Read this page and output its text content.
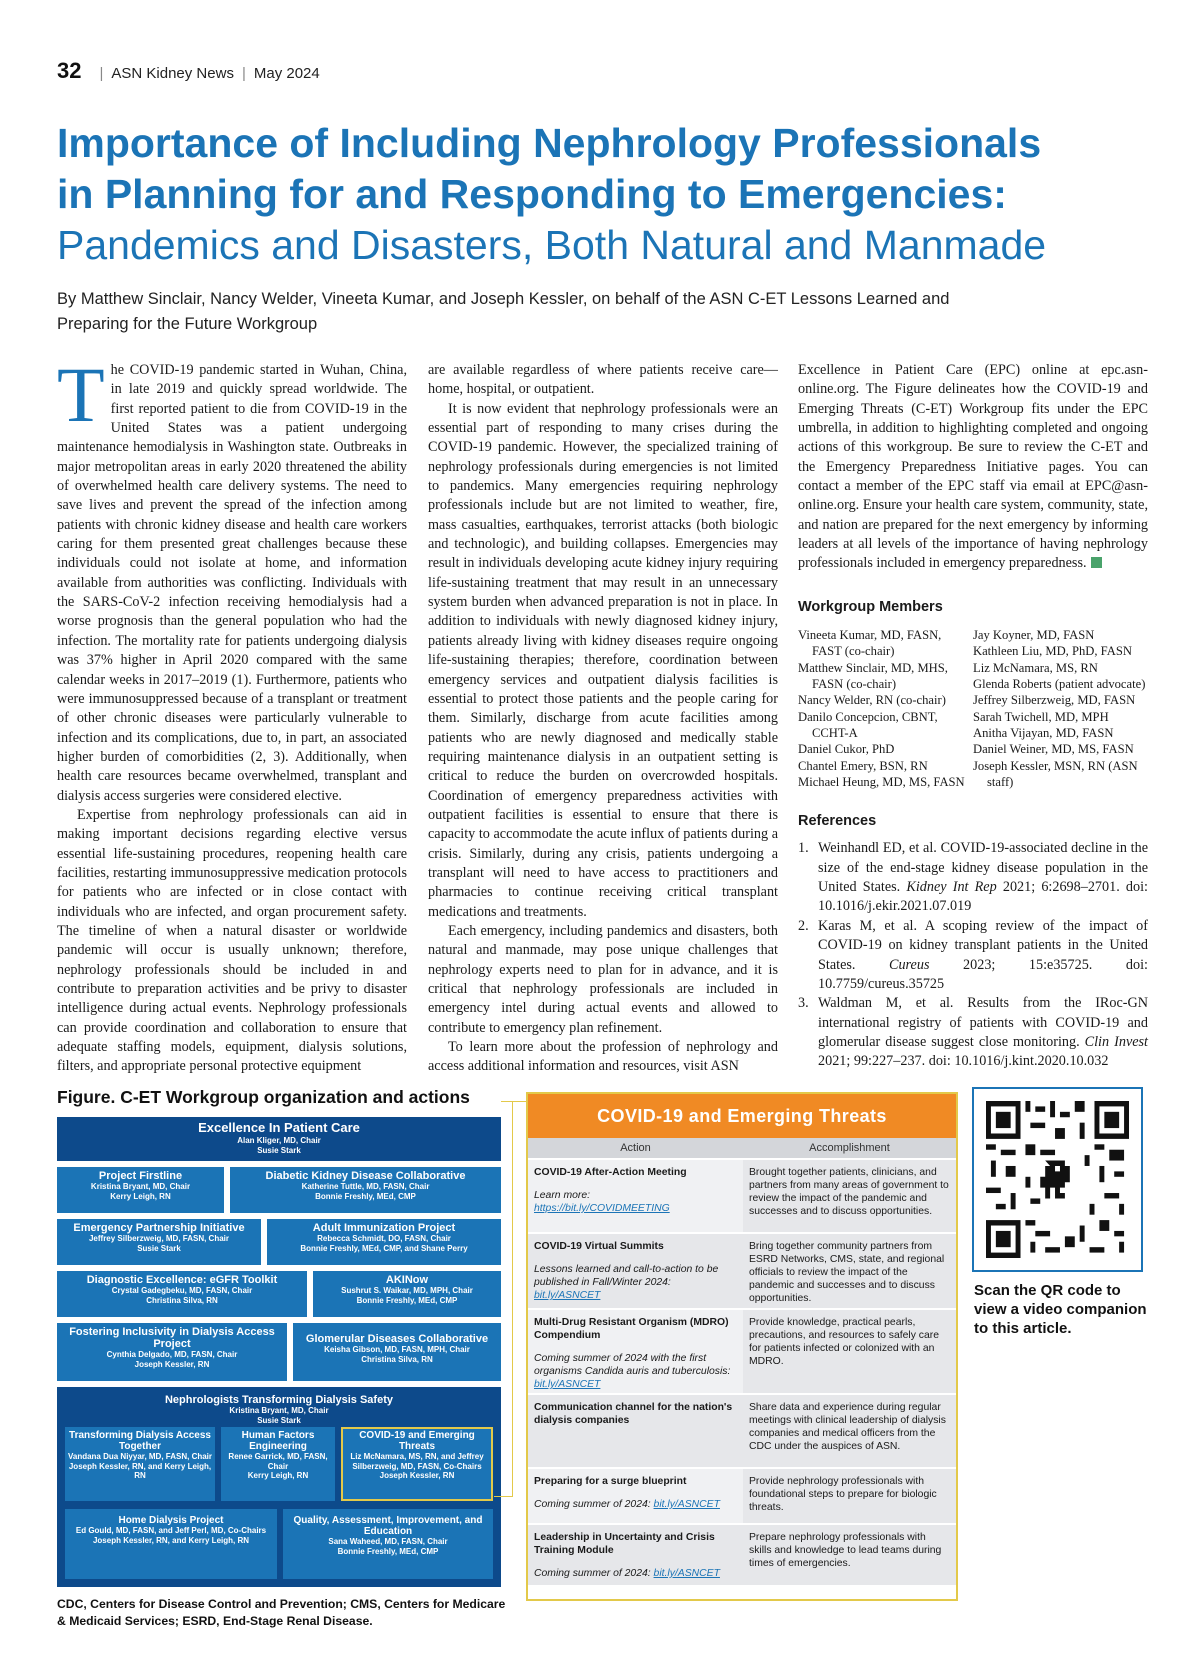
32 | ASN Kidney News | May 2024
Importance of Including Nephrology Professionals
in Planning for and Responding to Emergencies:
Pandemics and Disasters, Both Natural and Manmade
By Matthew Sinclair, Nancy Welder, Vineeta Kumar, and Joseph Kessler, on behalf of the ASN C-ET Lessons Learned and Preparing for the Future Workgroup

The COVID-19 pandemic started in Wuhan, China, in late 2019 and quickly spread worldwide. The first reported patient to die from COVID-19 in the United States was a patient undergoing maintenance hemodialysis in Washington state. Outbreaks in major metropolitan areas in early 2020 threatened the ability of overwhelmed health care delivery systems. The need to save lives and prevent the spread of the infection among patients with chronic kidney disease and health care workers caring for them presented great challenges because these individuals could not isolate at home, and information available from authorities was conflicting. Individuals with the SARS-CoV-2 infection receiving hemodialysis had a worse prognosis than the general population who had the infection. The mortality rate for patients undergoing dialysis was 37% higher in April 2020 compared with the same calendar weeks in 2017–2019 (1). Furthermore, patients who were immunosuppressed because of a transplant or treatment of other chronic diseases were particularly vulnerable to infection and its complications, due to, in part, an associated higher burden of comorbidities (2, 3). Additionally, when health care resources became overwhelmed, transplant and dialysis access surgeries were considered elective.

Expertise from nephrology professionals can aid in making important decisions regarding elective versus essential life-sustaining procedures, reopening health care facilities, restarting immunosuppressive medication protocols for patients who are infected or in close contact with individuals who are infected, and organ procurement safety. The timeline of when a natural disaster or worldwide pandemic will occur is usually unknown; therefore, nephrology professionals should be included in and contribute to preparation activities and be privy to disaster intelligence during actual events. Nephrology professionals can provide coordination and collaboration to ensure that adequate staffing models, equipment, dialysis solutions, filters, and appropriate personal protective equipment

are available regardless of where patients receive care—home, hospital, or outpatient.

It is now evident that nephrology professionals were an essential part of responding to many crises during the COVID-19 pandemic. However, the specialized training of nephrology professionals during emergencies is not limited to pandemics. Many emergencies requiring nephrology professionals include but are not limited to weather, fire, mass casualties, earthquakes, terrorist attacks (both biologic and technologic), and building collapses. Emergencies may result in individuals developing acute kidney injury requiring life-sustaining treatment that may result in an unnecessary system burden when advanced preparation is not in place. In addition to individuals with newly diagnosed kidney injury, patients already living with kidney diseases require ongoing life-sustaining therapies; therefore, coordination between emergency services and outpatient dialysis facilities is essential to protect those patients and the people caring for them. Similarly, discharge from acute facilities among patients who are newly diagnosed and medically stable requiring maintenance dialysis in an outpatient setting is critical to reduce the burden on overcrowded hospitals. Coordination of emergency preparedness activities with outpatient facilities is essential to ensure that there is capacity to accommodate the acute influx of patients during a crisis. Similarly, during any crisis, patients undergoing a transplant will need to have access to practitioners and pharmacies to continue receiving critical transplant medications and treatments.

Each emergency, including pandemics and disasters, both natural and manmade, may pose unique challenges that nephrology experts need to plan for in advance, and it is critical that nephrology professionals are included in emergency intel during actual events and allowed to contribute to emergency plan refinement.

To learn more about the profession of nephrology and access additional information and resources, visit ASN

Excellence in Patient Care (EPC) online at epc.asn-online.org. The Figure delineates how the COVID-19 and Emerging Threats (C-ET) Workgroup fits under the EPC umbrella, in addition to highlighting completed and ongoing actions of this workgroup. Be sure to review the C-ET and the Emergency Preparedness Initiative pages. You can contact a member of the EPC staff via email at EPC@asn-online.org. Ensure your health care system, community, state, and nation are prepared for the next emergency by informing leaders at all levels of the importance of having nephrology professionals included in emergency preparedness.

Workgroup Members
Vineeta Kumar, MD, FASN, FAST (co-chair)
Matthew Sinclair, MD, MHS, FASN (co-chair)
Nancy Welder, RN (co-chair)
Danilo Concepcion, CBNT, CCHT-A
Daniel Cukor, PhD
Chantel Emery, BSN, RN
Michael Heung, MD, MS, FASN
Jay Koyner, MD, FASN
Kathleen Liu, MD, PhD, FASN
Liz McNamara, MS, RN
Glenda Roberts (patient advocate)
Jeffrey Silberzweig, MD, FASN
Sarah Twichell, MD, MPH
Anitha Vijayan, MD, FASN
Daniel Weiner, MD, MS, FASN
Joseph Kessler, MSN, RN (ASN staff)
References
1. Weinhandl ED, et al. COVID-19-associated decline in the size of the end-stage kidney disease population in the United States. Kidney Int Rep 2021; 6:2698–2701. doi: 10.1016/j.ekir.2021.07.019
2. Karas M, et al. A scoping review of the impact of COVID-19 on kidney transplant patients in the United States. Cureus 2023; 15:e35725. doi: 10.7759/cureus.35725
3. Waldman M, et al. Results from the IRoc-GN international registry of patients with COVID-19 and glomerular disease suggest close monitoring. Clin Invest 2021; 99:227–237. doi: 10.1016/j.kint.2020.10.032
Figure. C-ET Workgroup organization and actions
Excellence In Patient Care
Alan Kliger, MD, Chair
Susie Stark
Project Firstline
Kristina Bryant, MD, Chair
Kerry Leigh, RN
Diabetic Kidney Disease Collaborative
Katherine Tuttle, MD, FASN, Chair
Bonnie Freshly, MEd, CMP
Emergency Partnership Initiative
Jeffrey Silberzweig, MD, FASN, Chair
Susie Stark
Adult Immunization Project
Rebecca Schmidt, DO, FASN, Chair
Bonnie Freshly, MEd, CMP, and Shane Perry
Diagnostic Excellence: eGFR Toolkit
Crystal Gadegbeku, MD, FASN, Chair
Christina Silva, RN
AKINow
Sushrut S. Waikar, MD, MPH, Chair
Bonnie Freshly, MEd, CMP
Fostering Inclusivity in Dialysis Access Project
Cynthia Delgado, MD, FASN, Chair
Joseph Kessler, RN
Glomerular Diseases Collaborative
Keisha Gibson, MD, FASN, MPH, Chair
Christina Silva, RN
Nephrologists Transforming Dialysis Safety
Kristina Bryant, MD, Chair
Susie Stark
Transforming Dialysis Access Together
Vandana Dua Niyyar, MD, FASN, Chair
Joseph Kessler, RN, and Kerry Leigh, RN
Human Factors Engineering
Renee Garrick, MD, FASN, Chair
Kerry Leigh, RN
COVID-19 and Emerging Threats
Liz McNamara, MS, RN, and Jeffrey Silberzweig, MD, FASN, Co-Chairs
Joseph Kessler, RN
Home Dialysis Project
Ed Gould, MD, FASN, and Jeff Perl, MD, Co-Chairs
Joseph Kessler, RN, and Kerry Leigh, RN
Quality, Assessment, Improvement, and Education
Sana Waheed, MD, FASN, Chair
Bonnie Freshly, MEd, CMP
CDC, Centers for Disease Control and Prevention; CMS, Centers for Medicare & Medicaid Services; ESRD, End-Stage Renal Disease.
COVID-19 and Emerging Threats
Action	Accomplishment
COVID-19 After-Action Meeting
Learn more:
https://bit.ly/COVIDMEETING
Brought together patients, clinicians, and partners from many areas of government to review the impact of the pandemic and successes and to discuss opportunities.
COVID-19 Virtual Summits
Lessons learned and call-to-action to be published in Fall/Winter 2024: bit.ly/ASNCET
Bring together community partners from ESRD Networks, CMS, state, and regional officials to review the impact of the pandemic and successes and to discuss opportunities.
Multi-Drug Resistant Organism (MDRO) Compendium
Coming summer of 2024 with the first organisms Candida auris and tuberculosis: bit.ly/ASNCET
Provide knowledge, practical pearls, precautions, and resources to safely care for patients infected or colonized with an MDRO.
Communication channel for the nation's dialysis companies
Share data and experience during regular meetings with clinical leadership of dialysis companies and medical officers from the CDC under the auspices of ASN.
Preparing for a surge blueprint
Coming summer of 2024: bit.ly/ASNCET
Provide nephrology professionals with foundational steps to prepare for biologic threats.
Leadership in Uncertainty and Crisis Training Module
Coming summer of 2024: bit.ly/ASNCET
Prepare nephrology professionals with skills and knowledge to lead teams during times of emergencies.
Scan the QR code to view a video companion to this article.
